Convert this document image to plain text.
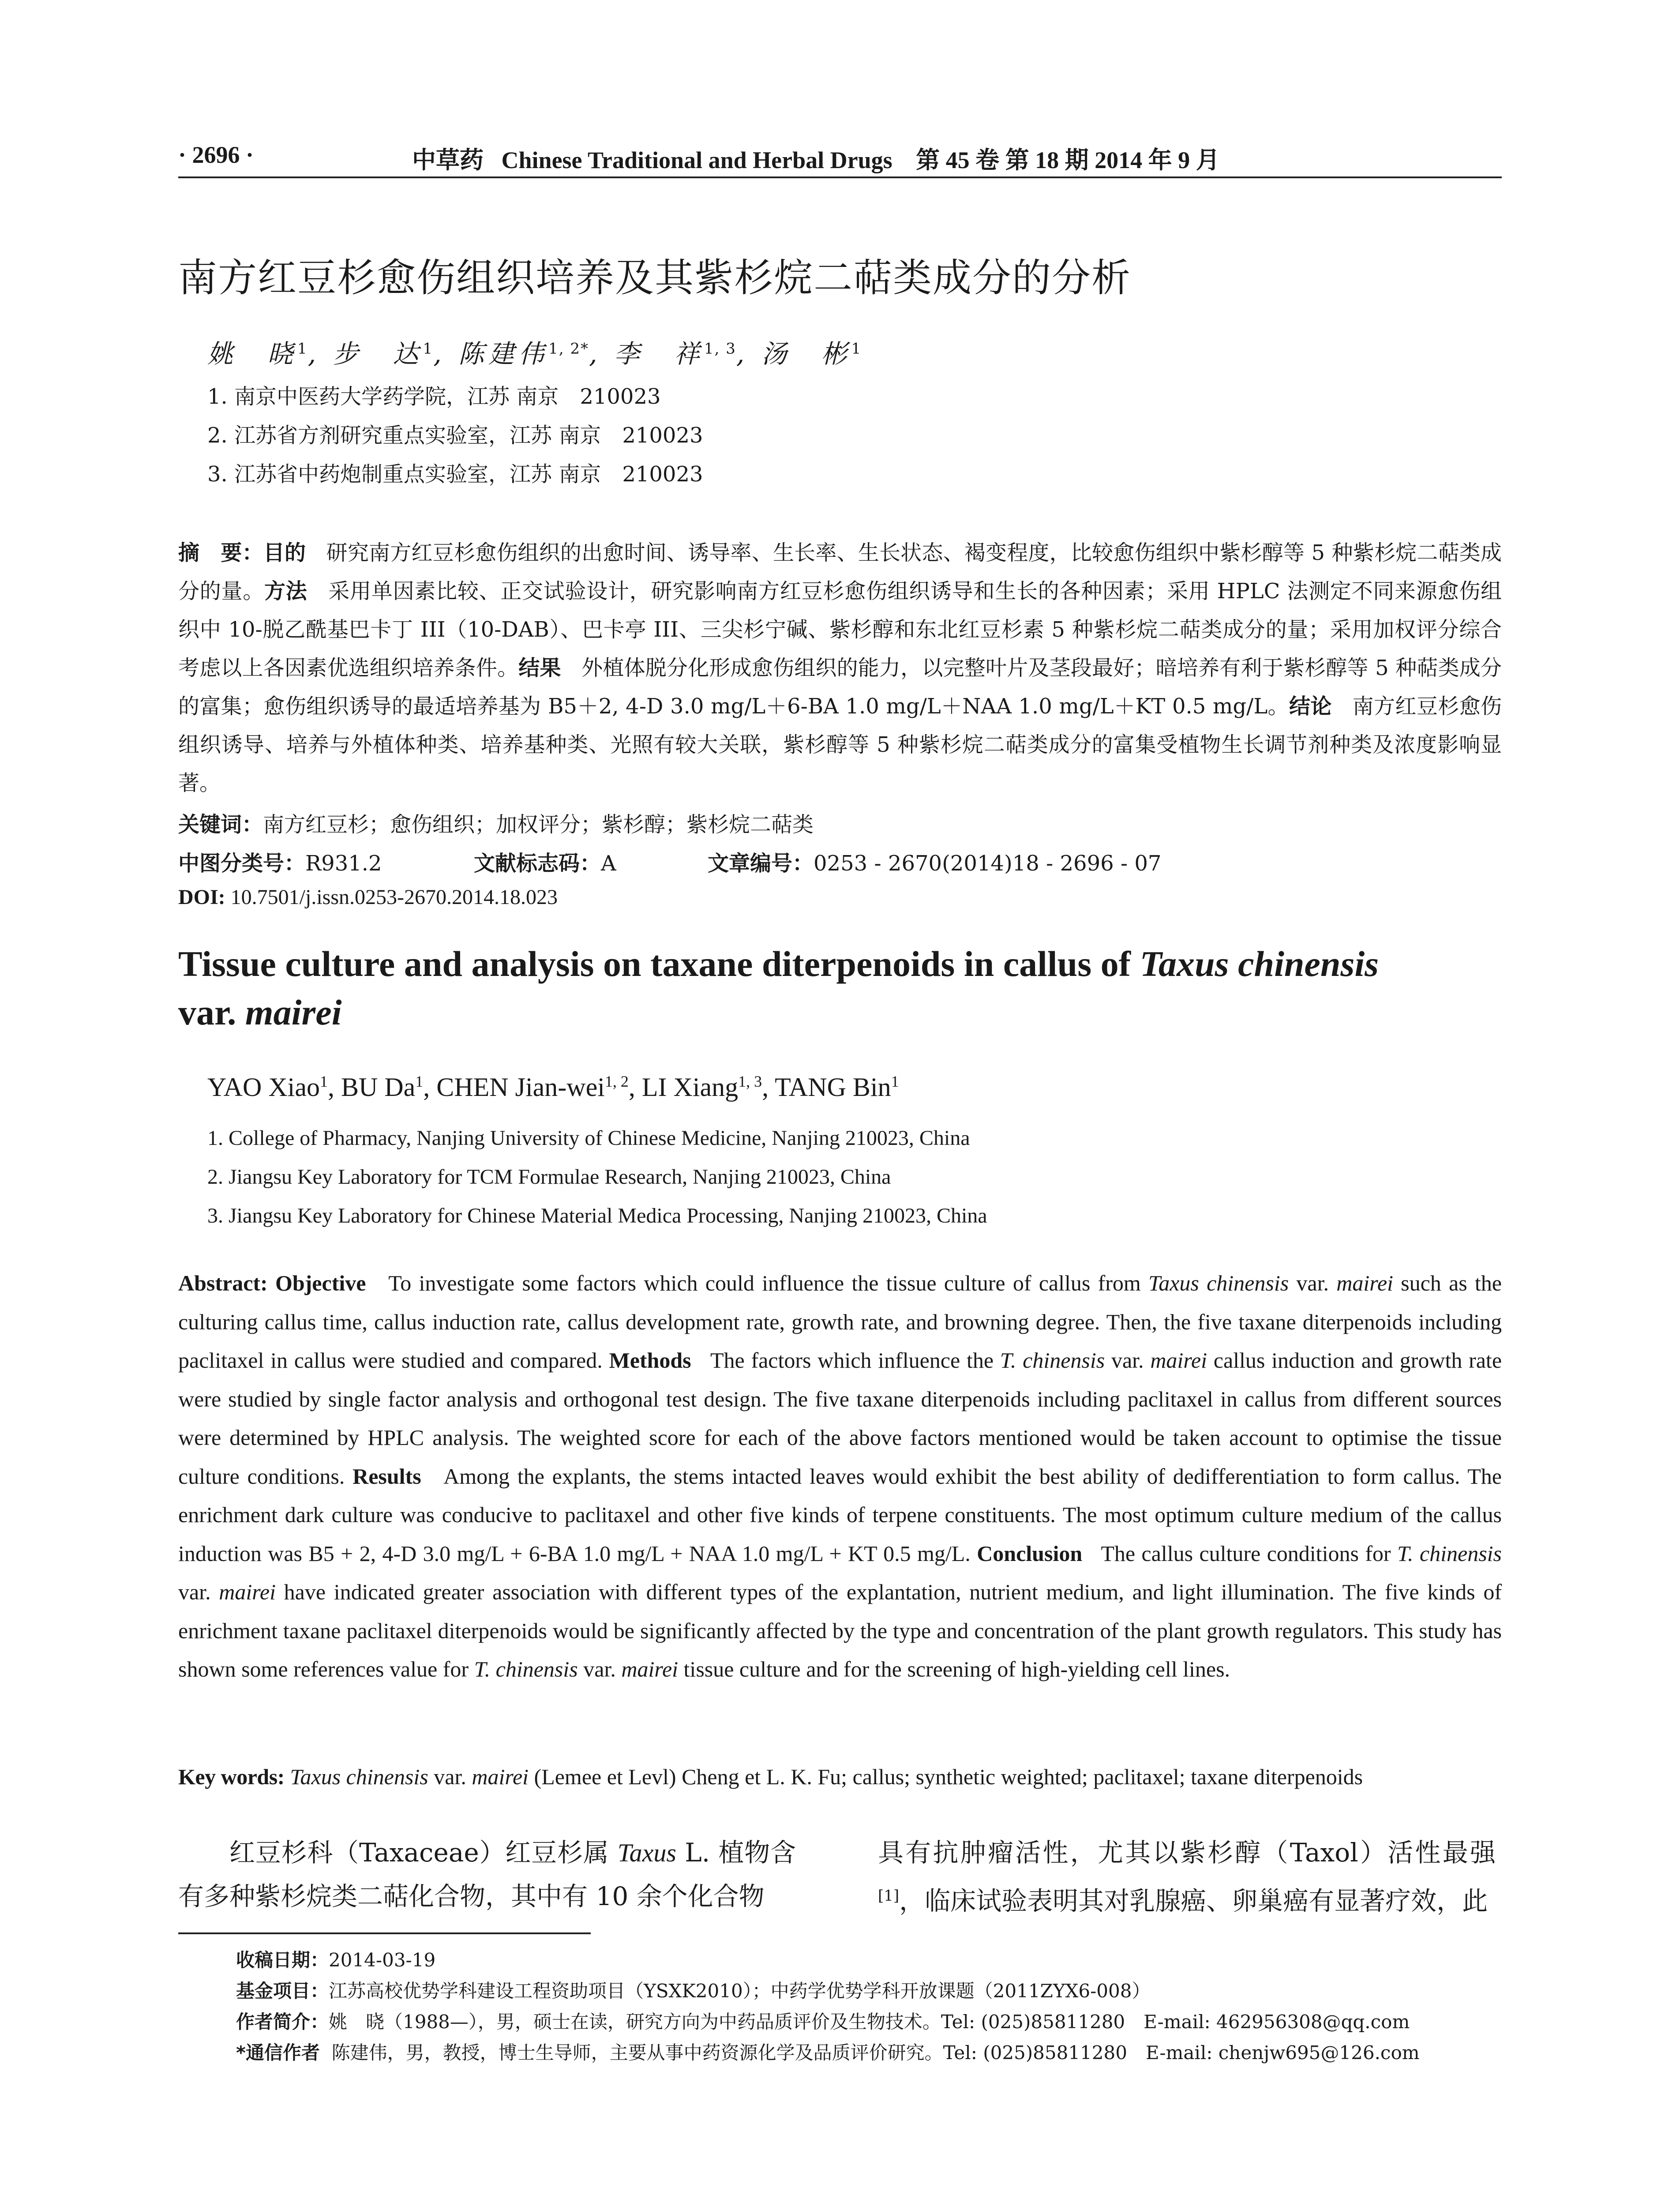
· 2696 ·	中草药 Chinese Traditional and Herbal Drugs 第 45 卷 第 18 期 2014 年 9 月
南方红豆杉愈伤组织培养及其紫杉烷二萜类成分的分析
姚　晓$^1$, 步　达$^1$, 陈建伟$^{1, 2*}$, 李　祥$^{1, 3}$, 汤　彬$^1$
1. 南京中医药大学药学院，江苏 南京　210023
2. 江苏省方剂研究重点实验室，江苏 南京　210023
3. 江苏省中药炮制重点实验室，江苏 南京　210023
摘　要：目的 研究南方红豆杉愈伤组织的出愈时间、诱导率、生长率、生长状态、褐变程度，比较愈伤组织中紫杉醇等 5 种紫杉烷二萜类成分的量。方法 采用单因素比较、正交试验设计，研究影响南方红豆杉愈伤组织诱导和生长的各种因素；采用 HPLC 法测定不同来源愈伤组织中 10-脱乙酰基巴卡丁 III（10-DAB）、巴卡亭 III、三尖杉宁碱、紫杉醇和东北红豆杉素 5 种紫杉烷二萜类成分的量；采用加权评分综合考虑以上各因素优选组织培养条件。结果 外植体脱分化形成愈伤组织的能力，以完整叶片及茎段最好；暗培养有利于紫杉醇等 5 种萜类成分的富集；愈伤组织诱导的最适培养基为 B5＋2, 4-D 3.0 mg/L＋6-BA 1.0 mg/L＋NAA 1.0 mg/L＋KT 0.5 mg/L。结论 南方红豆杉愈伤组织诱导、培养与外植体种类、培养基种类、光照有较大关联，紫杉醇等 5 种紫杉烷二萜类成分的富集受植物生长调节剂种类及浓度影响显著。
关键词：南方红豆杉；愈伤组织；加权评分；紫杉醇；紫杉烷二萜类
中图分类号：R931.2	文献标志码：A	文章编号：0253 - 2670(2014)18 - 2696 - 07
DOI: 10.7501/j.issn.0253-2670.2014.18.023
Tissue culture and analysis on taxane diterpenoids in callus of Taxus chinensis
var. mairei
YAO Xiao$^1$, BU Da$^1$, CHEN Jian-wei$^{1, 2}$, LI Xiang$^{1, 3}$, TANG Bin$^1$
1. College of Pharmacy, Nanjing University of Chinese Medicine, Nanjing 210023, China
2. Jiangsu Key Laboratory for TCM Formulae Research, Nanjing 210023, China
3. Jiangsu Key Laboratory for Chinese Material Medica Processing, Nanjing 210023, China
Abstract: Objective To investigate some factors which could influence the tissue culture of callus from Taxus chinensis var. mairei such as the culturing callus time, callus induction rate, callus development rate, growth rate, and browning degree. Then, the five taxane diterpenoids including paclitaxel in callus were studied and compared. Methods The factors which influence the T. chinensis var. mairei callus induction and growth rate were studied by single factor analysis and orthogonal test design. The five taxane diterpenoids including paclitaxel in callus from different sources were determined by HPLC analysis. The weighted score for each of the above factors mentioned would be taken account to optimise the tissue culture conditions. Results Among the explants, the stems intacted leaves would exhibit the best ability of dedifferentiation to form callus. The enrichment dark culture was conducive to paclitaxel and other five kinds of terpene constituents. The most optimum culture medium of the callus induction was B5 + 2, 4-D 3.0 mg/L + 6-BA 1.0 mg/L + NAA 1.0 mg/L + KT 0.5 mg/L. Conclusion The callus culture conditions for T. chinensis var. mairei have indicated greater association with different types of the explantation, nutrient medium, and light illumination. The five kinds of enrichment taxane paclitaxel diterpenoids would be significantly affected by the type and concentration of the plant growth regulators. This study has shown some references value for T. chinensis var. mairei tissue culture and for the screening of high-yielding cell lines.
Key words: Taxus chinensis var. mairei (Lemee et Levl) Cheng et L. K. Fu; callus; synthetic weighted; paclitaxel; taxane diterpenoids
红豆杉科（Taxaceae）红豆杉属 Taxus L. 植物含有多种紫杉烷类二萜化合物，其中有 10 余个化合物
具有抗肿瘤活性，尤其以紫杉醇（Taxol）活性最强[1]，临床试验表明其对乳腺癌、卵巢癌有显著疗效，此
收稿日期：2014-03-19
基金项目：江苏高校优势学科建设工程资助项目（YSXK2010）；中药学优势学科开放课题（2011ZYX6-008）
作者简介：姚　晓（1988—），男，硕士在读，研究方向为中药品质评价及生物技术。Tel: (025)85811280　E-mail: 462956308@qq.com
*通信作者 陈建伟，男，教授，博士生导师，主要从事中药资源化学及品质评价研究。Tel: (025)85811280　E-mail: chenjw695@126.com
